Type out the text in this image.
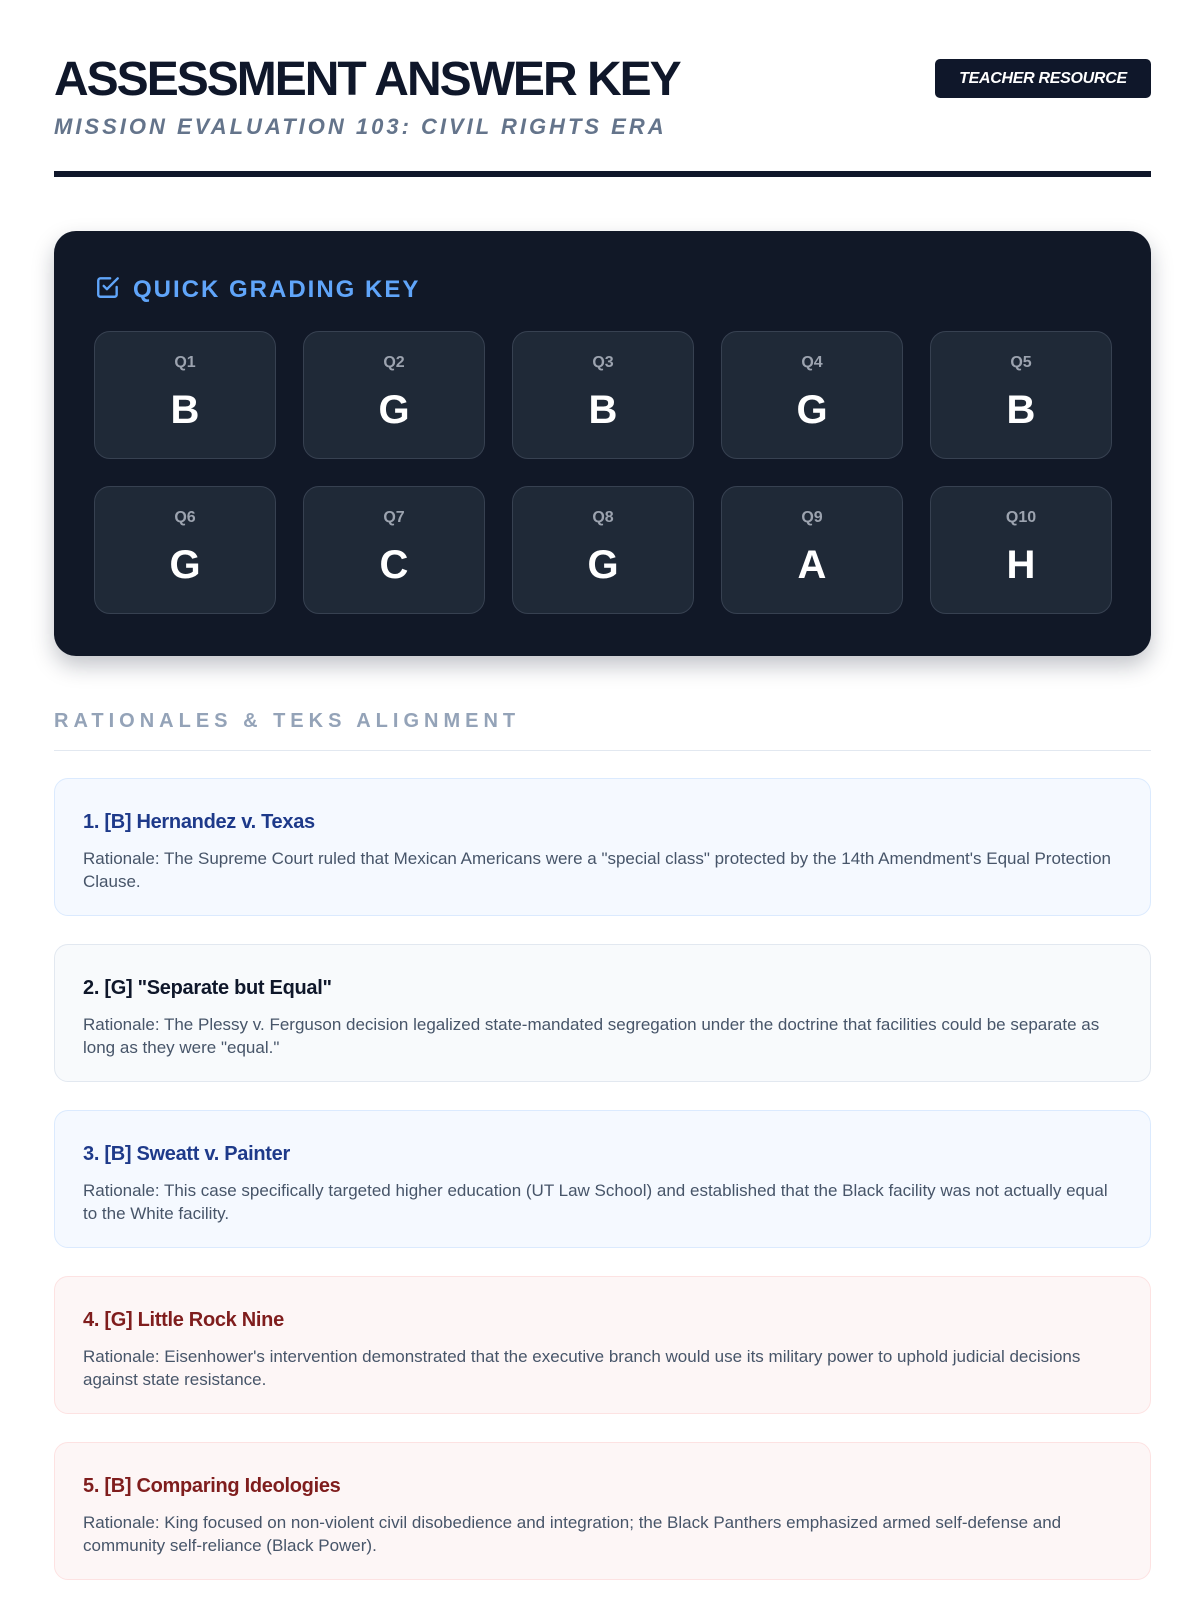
ASSESSMENT ANSWER KEY
MISSION EVALUATION 103: CIVIL RIGHTS ERA
TEACHER RESOURCE
QUICK GRADING KEY
Q1
B
Q2
G
Q3
B
Q4
G
Q5
B
Q6
G
Q7
C
Q8
G
Q9
A
Q10
H
RATIONALES & TEKS ALIGNMENT
1. [B] Hernandez v. Texas

Rationale: The Supreme Court ruled that Mexican Americans were a "special class" protected by the 14th Amendment's Equal Protection Clause.

2. [G] "Separate but Equal"

Rationale: The Plessy v. Ferguson decision legalized state-mandated segregation under the doctrine that facilities could be separate as long as they were "equal."

3. [B] Sweatt v. Painter

Rationale: This case specifically targeted higher education (UT Law School) and established that the Black facility was not actually equal to the White facility.

4. [G] Little Rock Nine

Rationale: Eisenhower's intervention demonstrated that the executive branch would use its military power to uphold judicial decisions against state resistance.

5. [B] Comparing Ideologies

Rationale: King focused on non-violent civil disobedience and integration; the Black Panthers emphasized armed self-defense and community self-reliance (Black Power).
